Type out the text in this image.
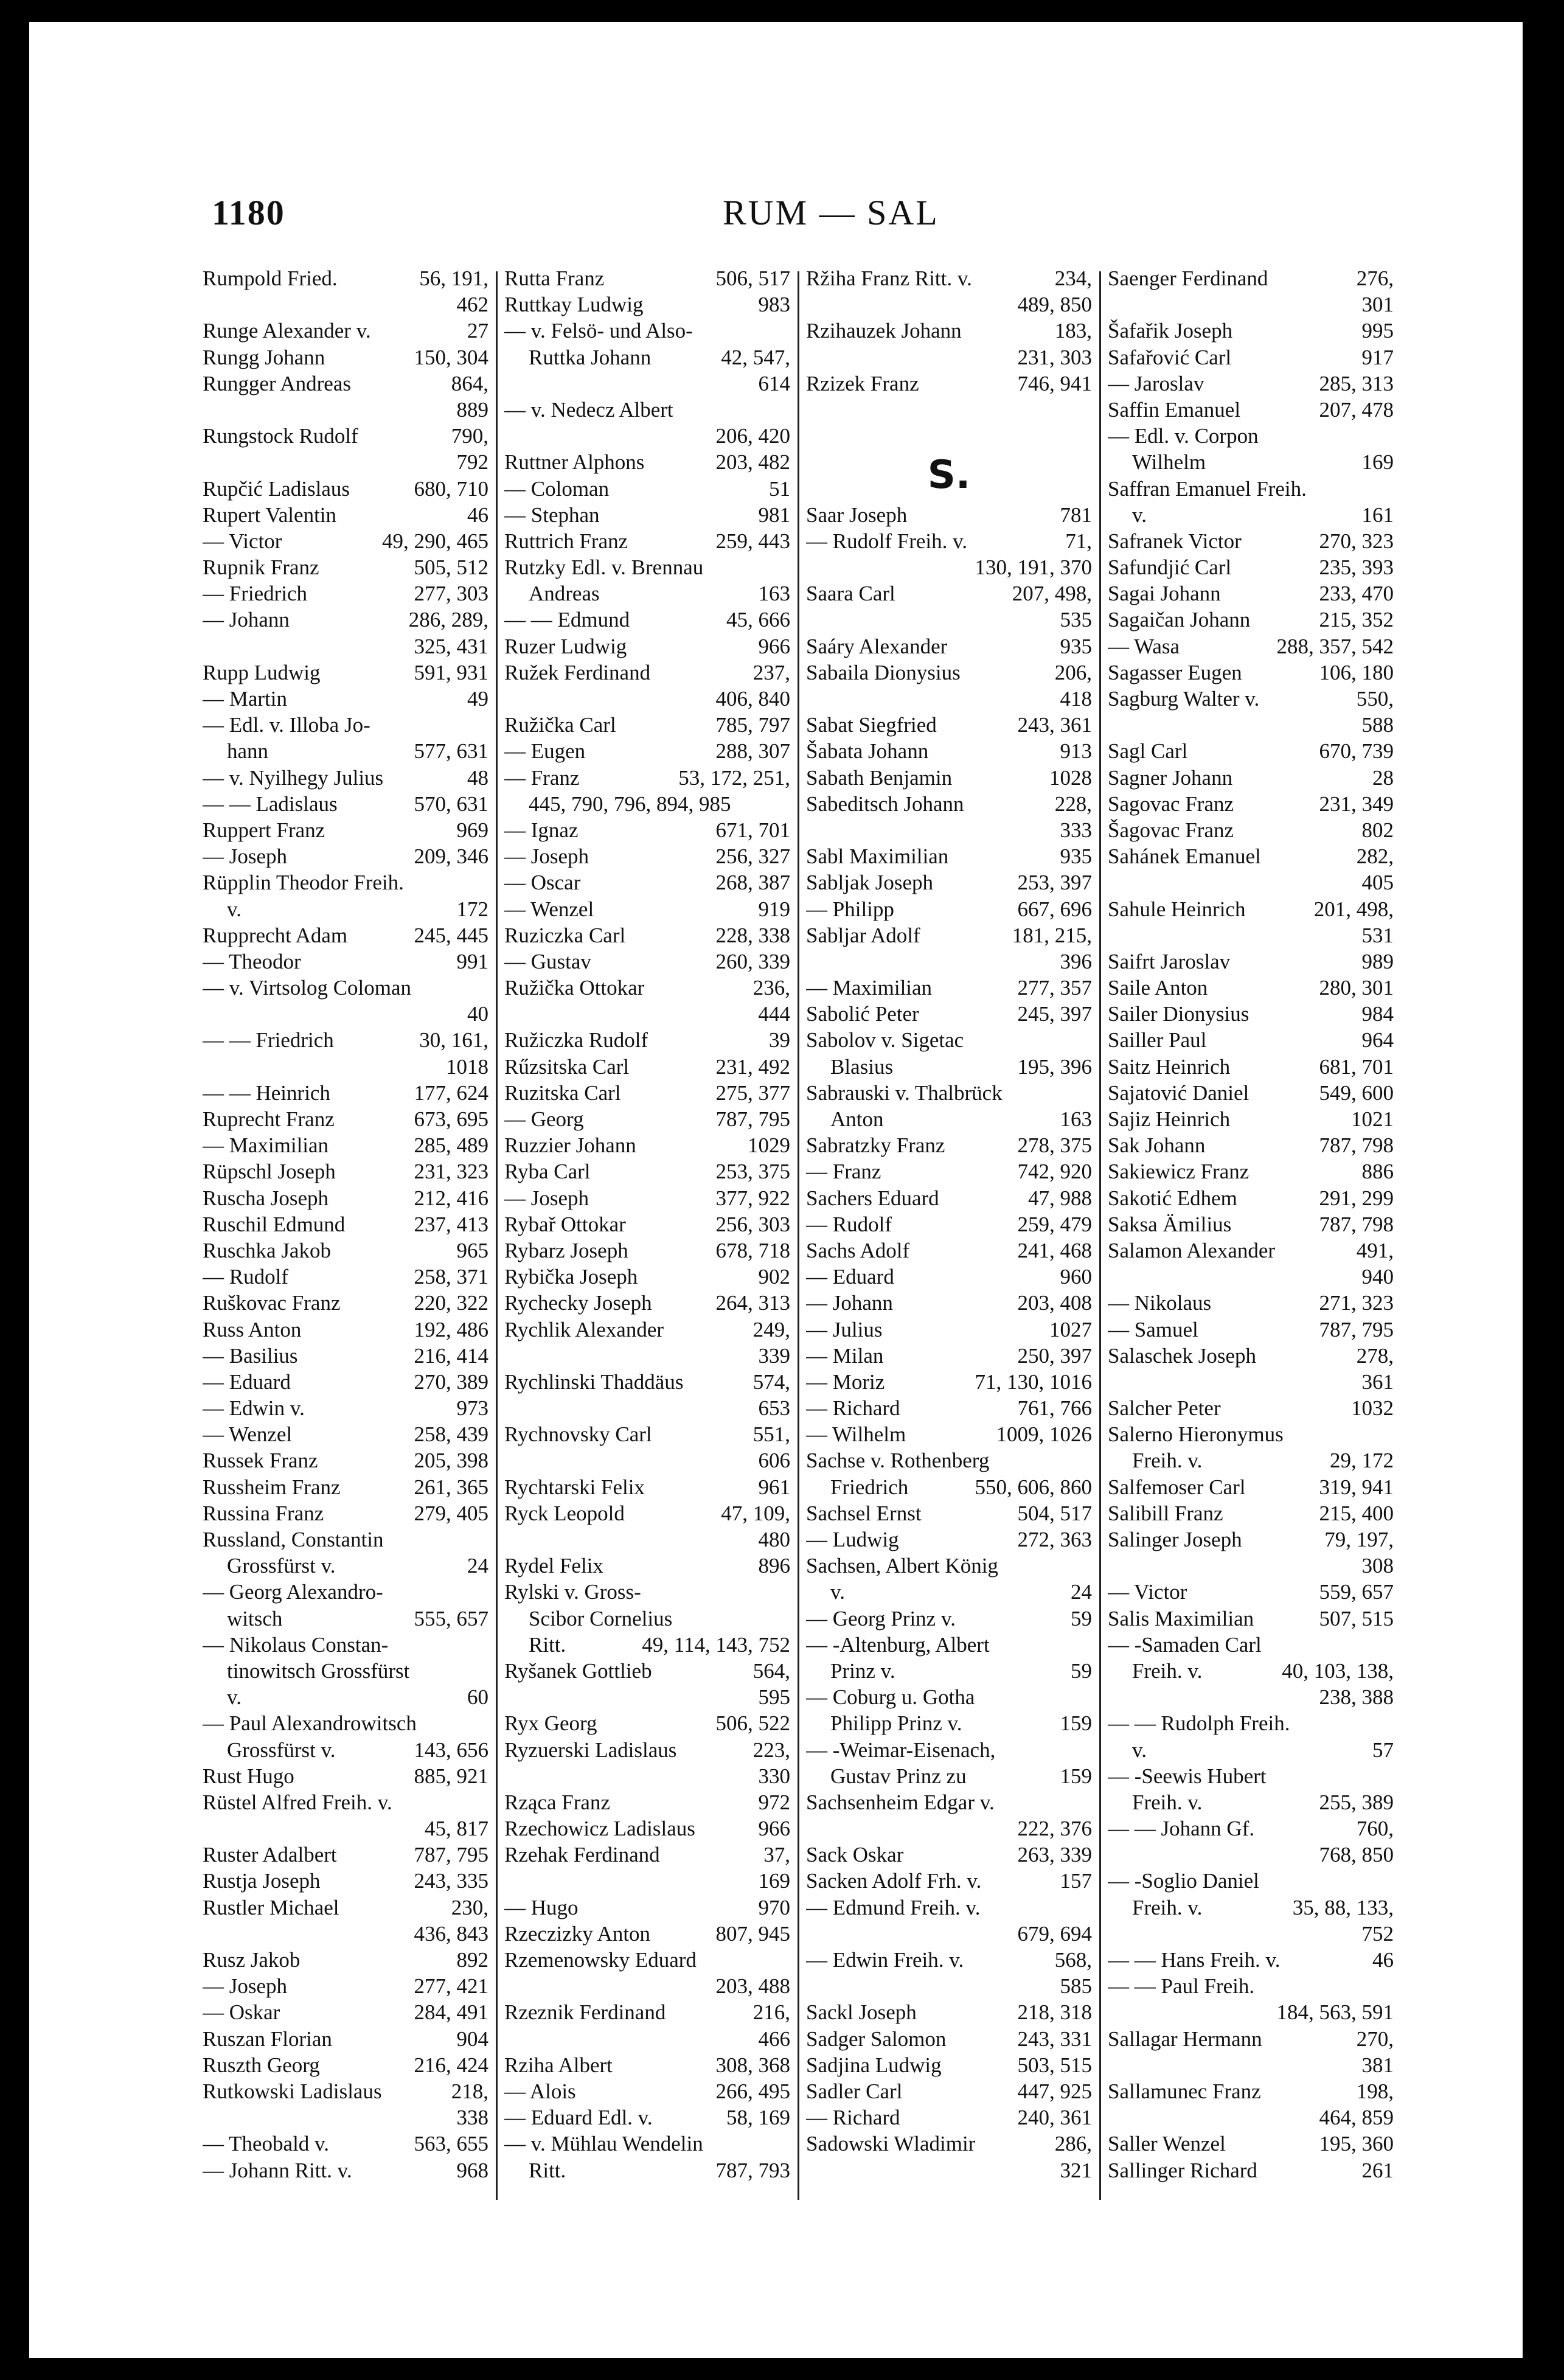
1180	RUM — SAL
Rumpold Fried.	56, 191,
462
Runge Alexander v.	27
Rungg Johann	150, 304
Rungger Andreas	864,
889
Rungstock Rudolf	790,
792
Rupčić Ladislaus	680, 710
Rupert Valentin	46
— Victor	49, 290, 465
Rupnik Franz	505, 512
— Friedrich	277, 303
— Johann	286, 289,
325, 431
Rupp Ludwig	591, 931
— Martin	49
— Edl. v. Illoba Jo-
hann	577, 631
— v. Nyilhegy Julius	48
— — Ladislaus	570, 631
Ruppert Franz	969
— Joseph	209, 346
Rüpplin Theodor Freih.
v.	172
Rupprecht Adam	245, 445
— Theodor	991
— v. Virtsolog Coloman
40
— — Friedrich	30, 161,
1018
— — Heinrich	177, 624
Ruprecht Franz	673, 695
— Maximilian	285, 489
Rüpschl Joseph	231, 323
Ruscha Joseph	212, 416
Ruschil Edmund	237, 413
Ruschka Jakob	965
— Rudolf	258, 371
Ruškovac Franz	220, 322
Russ Anton	192, 486
— Basilius	216, 414
— Eduard	270, 389
— Edwin v.	973
— Wenzel	258, 439
Russek Franz	205, 398
Russheim Franz	261, 365
Russina Franz	279, 405
Russland, Constantin
Grossfürst v.	24
— Georg Alexandro-
witsch	555, 657
— Nikolaus Constan-
tinowitsch Grossfürst
v.	60
— Paul Alexandrowitsch
Grossfürst v.	143, 656
Rust Hugo	885, 921
Rüstel Alfred Freih. v.
45, 817
Ruster Adalbert	787, 795
Rustja Joseph	243, 335
Rustler Michael	230,
436, 843
Rusz Jakob	892
— Joseph	277, 421
— Oskar	284, 491
Ruszan Florian	904
Ruszth Georg	216, 424
Rutkowski Ladislaus	218,
338
— Theobald v.	563, 655
— Johann Ritt. v.	968
Rutta Franz	506, 517
Ruttkay Ludwig	983
— v. Felsö- und Also-
Ruttka Johann	42, 547,
614
— v. Nedecz Albert
206, 420
Ruttner Alphons	203, 482
— Coloman	51
— Stephan	981
Ruttrich Franz	259, 443
Rutzky Edl. v. Brennau
Andreas	163
— — Edmund	45, 666
Ruzer Ludwig	966
Ružek Ferdinand	237,
406, 840
Ružička Carl	785, 797
— Eugen	288, 307
— Franz	53, 172, 251,
445, 790, 796, 894, 985
— Ignaz	671, 701
— Joseph	256, 327
— Oscar	268, 387
— Wenzel	919
Ruziczka Carl	228, 338
— Gustav	260, 339
Ružička Ottokar	236,
444
Ružiczka Rudolf	39
Rűzsitska Carl	231, 492
Ruzitska Carl	275, 377
— Georg	787, 795
Ruzzier Johann	1029
Ryba Carl	253, 375
— Joseph	377, 922
Rybař Ottokar	256, 303
Rybarz Joseph	678, 718
Rybička Joseph	902
Rychecky Joseph	264, 313
Rychlik Alexander	249,
339
Rychlinski Thaddäus	574,
653
Rychnovsky Carl	551,
606
Rychtarski Felix	961
Ryck Leopold	47, 109,
480
Rydel Felix	896
Rylski v. Gross-
Scibor Cornelius
Ritt.	49, 114, 143, 752
Ryšanek Gottlieb	564,
595
Ryx Georg	506, 522
Ryzuerski Ladislaus	223,
330
Rząca Franz	972
Rzechowicz Ladislaus	966
Rzehak Ferdinand	37,
169
— Hugo	970
Rzeczizky Anton	807, 945
Rzemenowsky Eduard
203, 488
Rzeznik Ferdinand	216,
466
Rziha Albert	308, 368
— Alois	266, 495
— Eduard Edl. v.	58, 169
— v. Mühlau Wendelin
Ritt.	787, 793
Ržiha Franz Ritt. v.	234,
489, 850
Rzihauzek Johann	183,
231, 303
Rzizek Franz	746, 941
S.
Saar Joseph	781
— Rudolf Freih. v.	71,
130, 191, 370
Saara Carl	207, 498,
535
Saáry Alexander	935
Sabaila Dionysius	206,
418
Sabat Siegfried	243, 361
Šabata Johann	913
Sabath Benjamin	1028
Sabeditsch Johann	228,
333
Sabl Maximilian	935
Sabljak Joseph	253, 397
— Philipp	667, 696
Sabljar Adolf	181, 215,
396
— Maximilian	277, 357
Sabolić Peter	245, 397
Sabolov v. Sigetac
Blasius	195, 396
Sabrauski v. Thalbrück
Anton	163
Sabratzky Franz	278, 375
— Franz	742, 920
Sachers Eduard	47, 988
— Rudolf	259, 479
Sachs Adolf	241, 468
— Eduard	960
— Johann	203, 408
— Julius	1027
— Milan	250, 397
— Moriz	71, 130, 1016
— Richard	761, 766
— Wilhelm	1009, 1026
Sachse v. Rothenberg
Friedrich	550, 606, 860
Sachsel Ernst	504, 517
— Ludwig	272, 363
Sachsen, Albert König
v.	24
— Georg Prinz v.	59
— -Altenburg, Albert
Prinz v.	59
— Coburg u. Gotha
Philipp Prinz v.	159
— -Weimar-Eisenach,
Gustav Prinz zu	159
Sachsenheim Edgar v.
222, 376
Sack Oskar	263, 339
Sacken Adolf Frh. v.	157
— Edmund Freih. v.
679, 694
— Edwin Freih. v.	568,
585
Sackl Joseph	218, 318
Sadger Salomon	243, 331
Sadjina Ludwig	503, 515
Sadler Carl	447, 925
— Richard	240, 361
Sadowski Wladimir	286,
321
Saenger Ferdinand	276,
301
Šafařik Joseph	995
Safařović Carl	917
— Jaroslav	285, 313
Saffin Emanuel	207, 478
— Edl. v. Corpon
Wilhelm	169
Saffran Emanuel Freih.
v.	161
Safranek Victor	270, 323
Safundjić Carl	235, 393
Sagai Johann	233, 470
Sagaičan Johann	215, 352
— Wasa	288, 357, 542
Sagasser Eugen	106, 180
Sagburg Walter v.	550,
588
Sagl Carl	670, 739
Sagner Johann	28
Sagovac Franz	231, 349
Šagovac Franz	802
Sahánek Emanuel	282,
405
Sahule Heinrich	201, 498,
531
Saifrt Jaroslav	989
Saile Anton	280, 301
Sailer Dionysius	984
Sailler Paul	964
Saitz Heinrich	681, 701
Sajatović Daniel	549, 600
Sajiz Heinrich	1021
Sak Johann	787, 798
Sakiewicz Franz	886
Sakotić Edhem	291, 299
Saksa Ämilius	787, 798
Salamon Alexander	491,
940
— Nikolaus	271, 323
— Samuel	787, 795
Salaschek Joseph	278,
361
Salcher Peter	1032
Salerno Hieronymus
Freih. v.	29, 172
Salfemoser Carl	319, 941
Salibill Franz	215, 400
Salinger Joseph	79, 197,
308
— Victor	559, 657
Salis Maximilian	507, 515
— -Samaden Carl
Freih. v.	40, 103, 138,
238, 388
— — Rudolph Freih.
v.	57
— -Seewis Hubert
Freih. v.	255, 389
— — Johann Gf.	760,
768, 850
— -Soglio Daniel
Freih. v.	35, 88, 133,
752
— — Hans Freih. v.	46
— — Paul Freih.
184, 563, 591
Sallagar Hermann	270,
381
Sallamunec Franz	198,
464, 859
Saller Wenzel	195, 360
Sallinger Richard	261
